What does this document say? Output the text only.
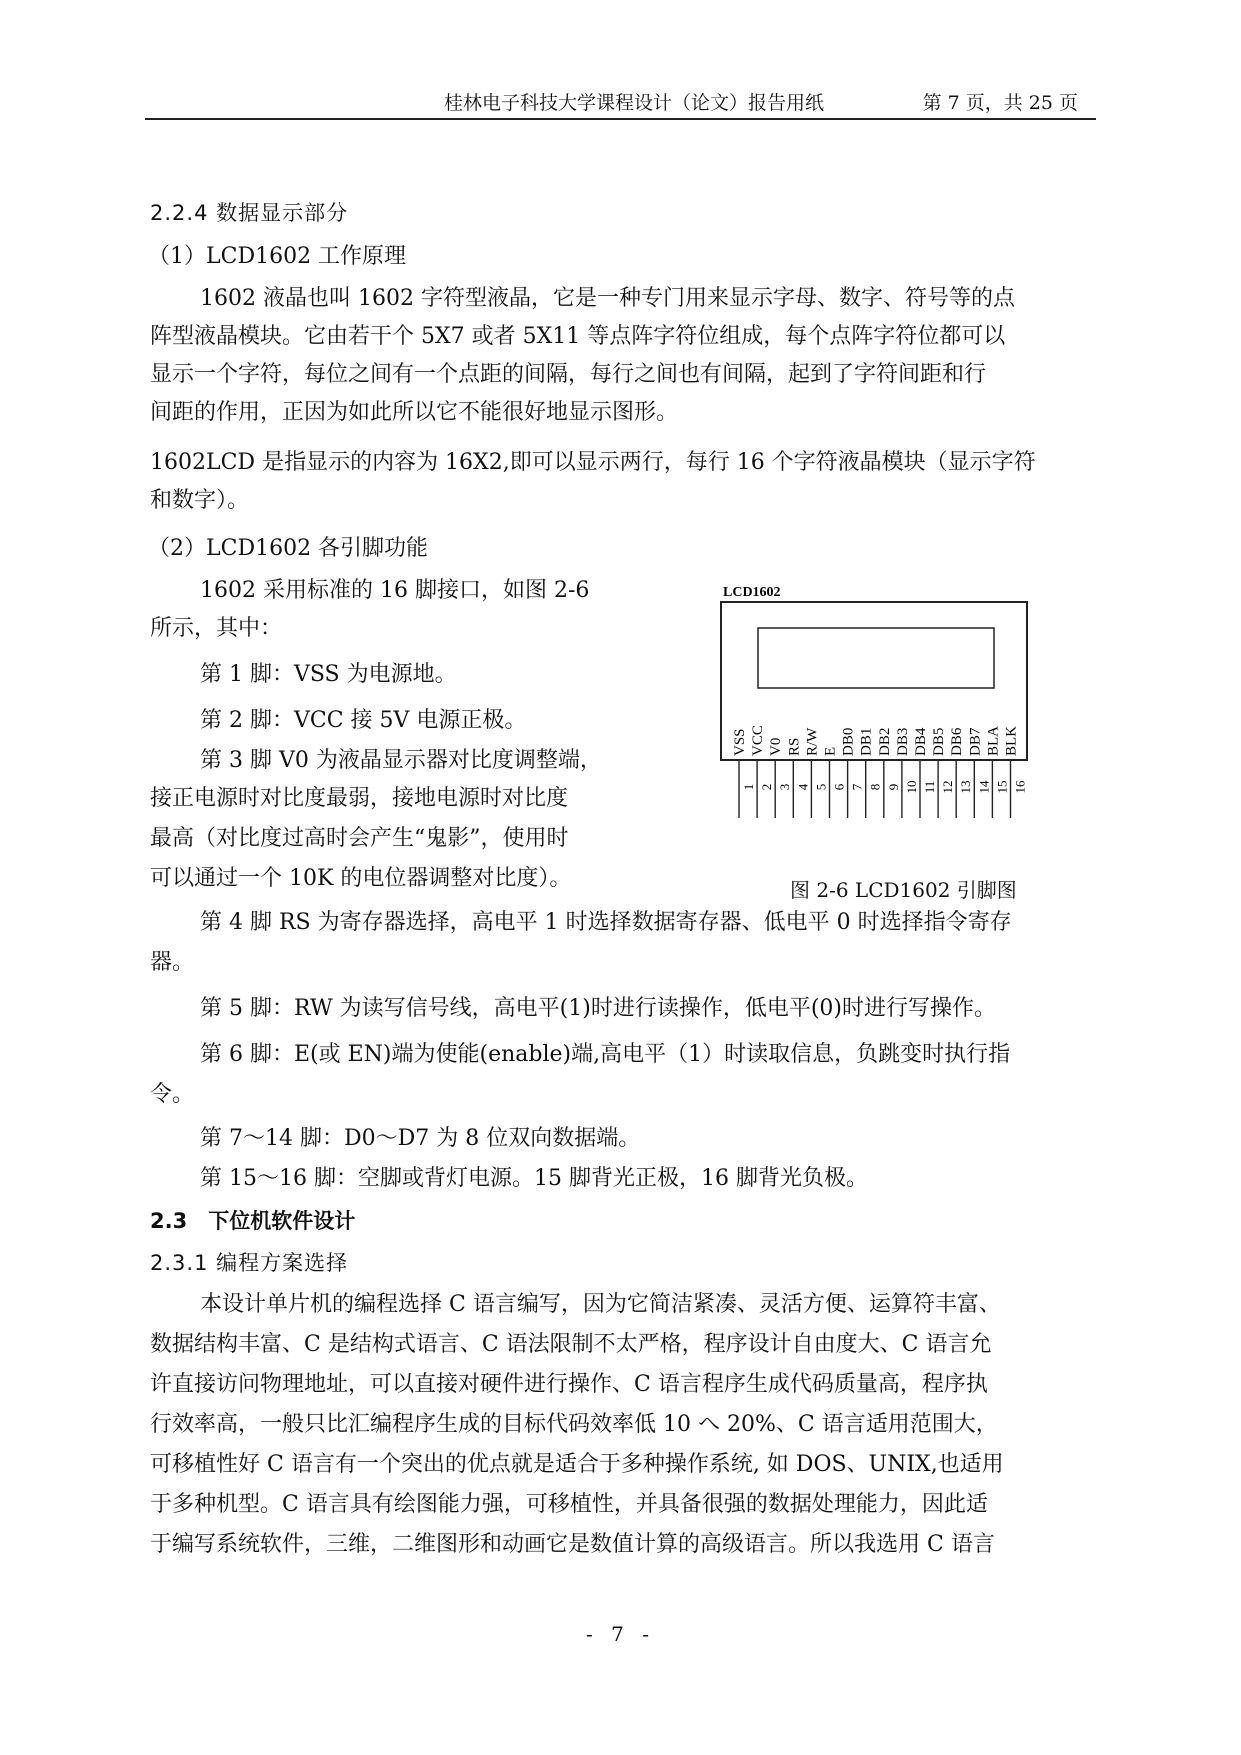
桂林电子科技大学课程设计（论文）报告用纸	第 7 页，共 25 页
2.2.4 数据显示部分
（1）LCD1602 工作原理
1602 液晶也叫 1602 字符型液晶，它是一种专门用来显示字母、数字、符号等的点
阵型液晶模块。它由若干个 5X7 或者 5X11 等点阵字符位组成，每个点阵字符位都可以
显示一个字符，每位之间有一个点距的间隔，每行之间也有间隔，起到了字符间距和行
间距的作用，正因为如此所以它不能很好地显示图形。
1602LCD 是指显示的内容为 16X2,即可以显示两行，每行 16 个字符液晶模块（显示字符
和数字）。
（2）LCD1602 各引脚功能
1602 采用标准的 16 脚接口，如图 2-6
所示，其中：
第 1 脚：VSS 为电源地。
第 2 脚：VCC 接 5V 电源正极。
第 3 脚 V0 为液晶显示器对比度调整端，
接正电源时对比度最弱，接地电源时对比度
最高（对比度过高时会产生“鬼影”，使用时
可以通过一个 10K 的电位器调整对比度）。
LCD1602
VSS
1
VCC
2
V0
3
RS
4
R/W
5
E
6
DB0
7
DB1
8
DB2
9
DB3
10
DB4
11
DB5
12
DB6
13
DB7
14
BLA
15
BLK
16
图 2-6 LCD1602 引脚图
第 4 脚 RS 为寄存器选择，高电平 1 时选择数据寄存器、低电平 0 时选择指令寄存
器。
第 5 脚：RW 为读写信号线，高电平(1)时进行读操作，低电平(0)时进行写操作。
第 6 脚：E(或 EN)端为使能(enable)端,高电平（1）时读取信息，负跳变时执行指
令。
第 7～14 脚：D0～D7 为 8 位双向数据端。
第 15～16 脚：空脚或背灯电源。15 脚背光正极，16 脚背光负极。
2.3　下位机软件设计
2.3.1 编程方案选择
本设计单片机的编程选择 C 语言编写，因为它简洁紧凑、灵活方便、运算符丰富、
数据结构丰富、C 是结构式语言、C 语法限制不太严格，程序设计自由度大、C 语言允
许直接访问物理地址，可以直接对硬件进行操作、C 语言程序生成代码质量高，程序执
行效率高，一般只比汇编程序生成的目标代码效率低 10 へ 20%、C 语言适用范围大，
可移植性好 C 语言有一个突出的优点就是适合于多种操作系统, 如 DOS、UNIX,也适用
于多种机型。C 语言具有绘图能力强，可移植性，并具备很强的数据处理能力，因此适
于编写系统软件，三维，二维图形和动画它是数值计算的高级语言。所以我选用 C 语言
- 7 -
